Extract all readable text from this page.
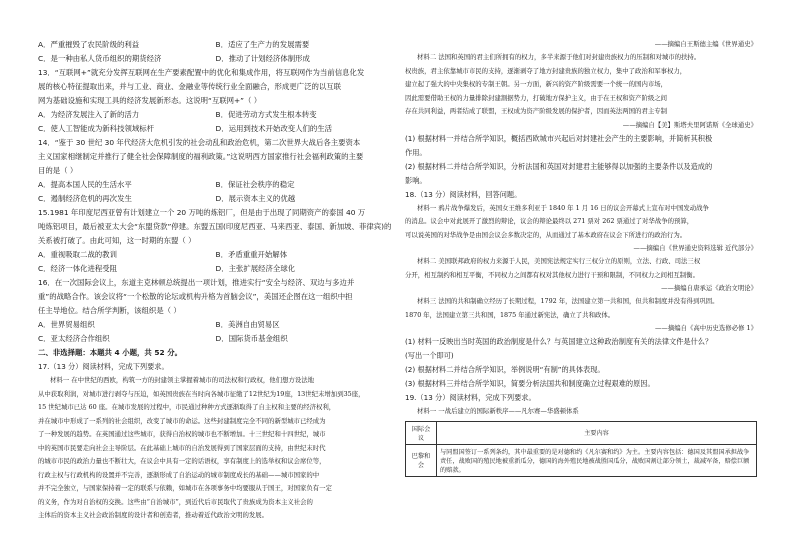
A．严重摧毁了农民阶级的利益	B．适应了生产力的发展需要
C．是一种由私人货币组织的期货经济	D．推动了计划经济体制形成
13．“互联网+”就充分发挥互联网在生产要素配置中的优化和集成作用，将互联网作为当前信息化发
展的核心特征提取出来，并与工业、商业、金融业等传统行业全面融合，形成更广泛的以互联
网为基础设施和实现工具的经济发展新形态。这说明“互联网+”（ ）
A．为经济发展注入了新的活力	B．促进劳动方式发生根本转变
C．使人工智能成为新科技领域标杆	D．运用到技术开始改变人们的生活
14．“鉴于 30 世纪 30 年代经济大危机引发的社会动乱和政治危机，第二次世界大战后各主要资本
主义国家相继制定并推行了健全社会保障制度的福利政策。”这说明西方国家推行社会福利政策的主要
目的是（ ）
A．提高本国人民的生活水平	B．保证社会秩序的稳定
C．遏制经济危机的再次发生	D．展示资本主义的优越
15.1981 年印度尼西亚曾有计划建立一个 20 万吨的炼铝厂，但是由于出现了同期资产的泰国 40 万
吨炼铝项目，最后被亚太大会“东盟贷款”停建。东盟五国(印度尼西亚、马来西亚、泰国、新加坡、菲律宾)的
关系被打破了。由此可知，这一时期的东盟（ ）
A．重视吸取二战的教训	B．矛盾重重开始解体
C．经济一体化进程受阻	D．主张扩展经济全球化
16．在一次国际会议上，东道主克林顿总统提出一项计划，推进实行“安全与经济、双边与多边并
重”的战略合作。该会议将“一个松散的论坛或机构升格为首脑会议”，美国还企图在这一组织中担
任主导地位。结合所学判断，该组织是（ ）
A．世界贸易组织	B．美洲自由贸易区
C．亚太经济合作组织	D．国际货币基金组织
二、非选择题：本题共 4 小题，共 52 分。
17.（13 分）阅读材料，完成下列要求。
材料一 在中世纪的西欧，构筑一方的封建领主掌握着城市的司法权和行政权，他们想方设法地
从中获取利润，对城市进行剥夺与压迫，如英国贵族在当时向各城市征缴了12世纪为19座，13世纪末增加到35座，
15 世纪城市已达 60 座。在城市发展的过程中，市民通过种种方式逐渐取得了自主权和主要的经济权利，
并在城市中形成了一系列的社会组织，改变了城市的命运。这些封建制度完全不同的新型城市已经成为
了一种发展的趋势。在英国通过这些城市，获得自治权的城市也不断增加。十三世纪和十四世纪，城市
中的英国市民要走向社会主导阶层。在此基础上城市的自治发展得到了国家层面的支持，由世纪末时代
的城市市民的政治力量也不断壮大，在议会中具有一定的话语权，享有制度上的选举权和议会席位等，
行政主权与行政机构的设置并不完善，逐渐形成了自治运动的城市制度成长的基础——城市国家的中
并不完全独立，与国家保持着一定的联系与依赖，如城市在各项事务中均要服从于国王，对国家负有一定
的义务，作为对自治权的交换。这些由“自治城市”，到近代后市民取代了贵族成为资本主义社会的
主体后的资本主义社会政治制度的设计者和创造者，推动着近代政治文明的发展。
——摘编自王斯德主编《世界通史》
材料二 法国和英国的君主们所拥有的权力，多半来源于他们对封建贵族权力的压制和对城市的扶持。
权贵族，君主依靠城市市民的支持，逐渐剥夺了地方封建贵族的独立权力，集中了政治和军事权力，
建立起了强大的中央集权的专制王朝。另一方面，新兴的资产阶级需要一个统一的国内市场，
因此需要借助王权的力量排除封建割据势力，打破地方保护主义，由于在王权和资产阶级之间
存在共同利益，两者结成了联盟，王权成为资产阶级发展的保护者，因而英法两国的君主专制
——摘编自【美】斯塔夫里阿诺斯《全球通史》
(1) 根据材料一并结合所学知识，概括西欧城市兴起后对封建社会产生的主要影响，并简析其积极
作用。
(2) 根据材料二并结合所学知识，分析法国和英国对封建君主能够得以加强的主要条件以及造成的
影响。
18.（13 分）阅读材料，回答问题。
材料一 鸦片战争爆发后，英国女王维多利亚于 1840 年 1 月 16 日的议会开幕式上宣布对中国发动战争
的消息。议会中对此展开了激烈的辩论，议会的辩论最终以 271 票对 262 票通过了对华战争的预算，
可以说英国的对华战争是由国会议会多数决定的，从而通过了基本政府在议会下所进行的政治行为。
——摘编自《世界通史资料选辑 近代部分》
材料二 美国联邦政府的权力来源于人民，美国宪法规定实行三权分立的原则，立法、行政、司法三权
分开，相互制约和相互平衡，不同权力之间都有权对其他权力进行干预和限制，不同权力之间相互制衡。
——摘编自唐承运《政治文明论》
材料三 法国的共和制确立经历了长期过程，1792 年，法国建立第一共和国，但共和制度并没有得到巩固。
1870 年，法国建立第三共和国，1875 年通过新宪法，确立了共和政体。
——摘编自《高中历史选修必修 1》
(1) 材料一反映出当时英国的政治制度是什么？与英国建立这种政治制度有关的法律文件是什么？
(写出一个即可)
(2) 根据材料二并结合所学知识，举例说明“有制”的具体表现。
(3) 根据材料三并结合所学知识，简要分析法国共和制度确立过程艰难的原因。
19.（13 分）阅读材料，完成下列要求。
材料一 一战后建立的国际新秩序——凡尔赛—华盛顿体系
国际会议	主要内容
巴黎和会	与同盟国签订一系列条约，其中最重要的是对德和约《凡尔赛和约》为主。主要内容包括：德国及其盟国承担战争责任，战败国的殖民地被重新瓜分，德国的海外殖民地被战胜国瓜分，战败国割让部分领土，裁减军备，赔偿巨额的赔款。
